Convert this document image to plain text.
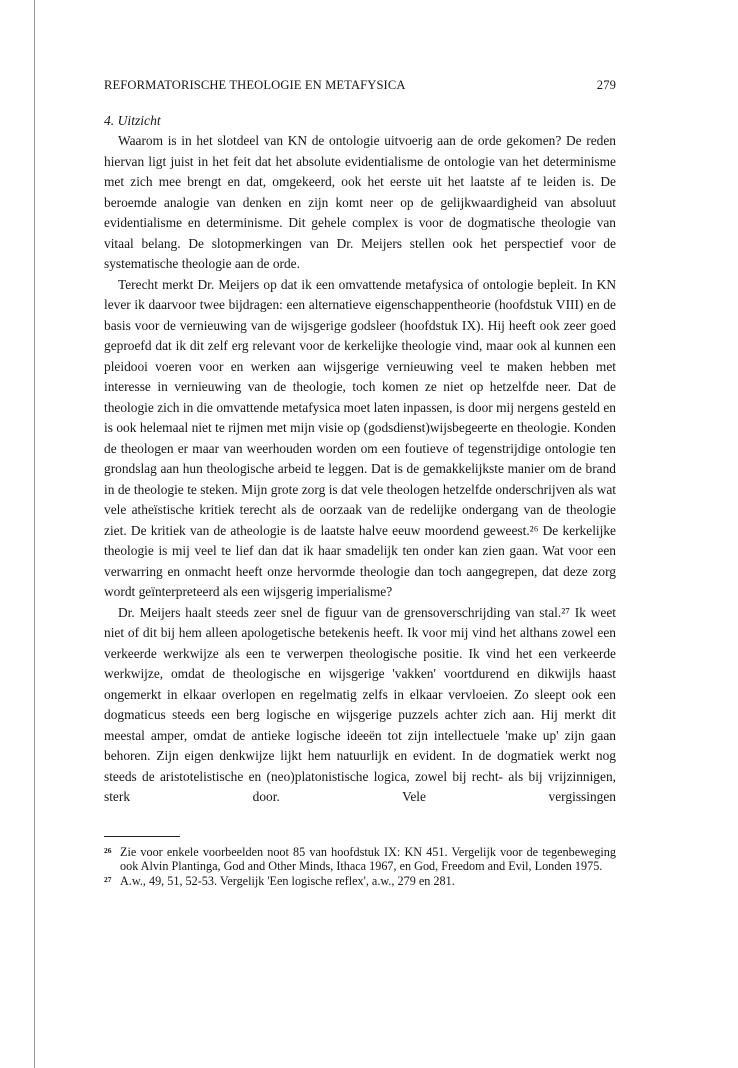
REFORMATORISCHE THEOLOGIE EN METAFYSICA	279
4. Uitzicht

Waarom is in het slotdeel van KN de ontologie uitvoerig aan de orde gekomen? De reden hiervan ligt juist in het feit dat het absolute evidentialisme de ontologie van het determinisme met zich mee brengt en dat, omgekeerd, ook het eerste uit het laatste af te leiden is. De beroemde analogie van denken en zijn komt neer op de gelijkwaardigheid van absoluut evidentialisme en determinisme. Dit gehele complex is voor de dogmatische theologie van vitaal belang. De slotopmerkingen van Dr. Meijers stellen ook het perspectief voor de systematische theologie aan de orde.

Terecht merkt Dr. Meijers op dat ik een omvattende metafysica of ontologie bepleit. In KN lever ik daarvoor twee bijdragen: een alternatieve eigenschappentheorie (hoofdstuk VIII) en de basis voor de vernieuwing van de wijsgerige godsleer (hoofdstuk IX). Hij heeft ook zeer goed geproefd dat ik dit zelf erg relevant voor de kerkelijke theologie vind, maar ook al kunnen een pleidooi voeren voor en werken aan wijsgerige vernieuwing veel te maken hebben met interesse in vernieuwing van de theologie, toch komen ze niet op hetzelfde neer. Dat de theologie zich in die omvattende metafysica moet laten inpassen, is door mij nergens gesteld en is ook helemaal niet te rijmen met mijn visie op (godsdienst)wijsbegeerte en theologie. Konden de theologen er maar van weerhouden worden om een foutieve of tegenstrijdige ontologie ten grondslag aan hun theologische arbeid te leggen. Dat is de gemakkelijkste manier om de brand in de theologie te steken. Mijn grote zorg is dat vele theologen hetzelfde onderschrijven als wat vele atheïstische kritiek terecht als de oorzaak van de redelijke ondergang van de theologie ziet. De kritiek van de atheologie is de laatste halve eeuw moordend geweest.²⁶ De kerkelijke theologie is mij veel te lief dan dat ik haar smadelijk ten onder kan zien gaan. Wat voor een verwarring en onmacht heeft onze hervormde theologie dan toch aangegrepen, dat deze zorg wordt geïnterpreteerd als een wijsgerig imperialisme?

Dr. Meijers haalt steeds zeer snel de figuur van de grensoverschrijding van stal.²⁷ Ik weet niet of dit bij hem alleen apologetische betekenis heeft. Ik voor mij vind het althans zowel een verkeerde werkwijze als een te verwerpen theologische positie. Ik vind het een verkeerde werkwijze, omdat de theologische en wijsgerige 'vakken' voortdurend en dikwijls haast ongemerkt in elkaar overlopen en regelmatig zelfs in elkaar vervloeien. Zo sleept ook een dogmaticus steeds een berg logische en wijsgerige puzzels achter zich aan. Hij merkt dit meestal amper, omdat de antieke logische ideeën tot zijn intellectuele 'make up' zijn gaan behoren. Zijn eigen denkwijze lijkt hem natuurlijk en evident. In de dogmatiek werkt nog steeds de aristotelistische en (neo)platonistische logica, zowel bij recht- als bij vrijzinnigen, sterk door. Vele vergissingen

26 Zie voor enkele voorbeelden noot 85 van hoofdstuk IX: KN 451. Vergelijk voor de tegenbeweging ook Alvin Plantinga, God and Other Minds, Ithaca 1967, en God, Freedom and Evil, Londen 1975.
27 A.w., 49, 51, 52-53. Vergelijk 'Een logische reflex', a.w., 279 en 281.
